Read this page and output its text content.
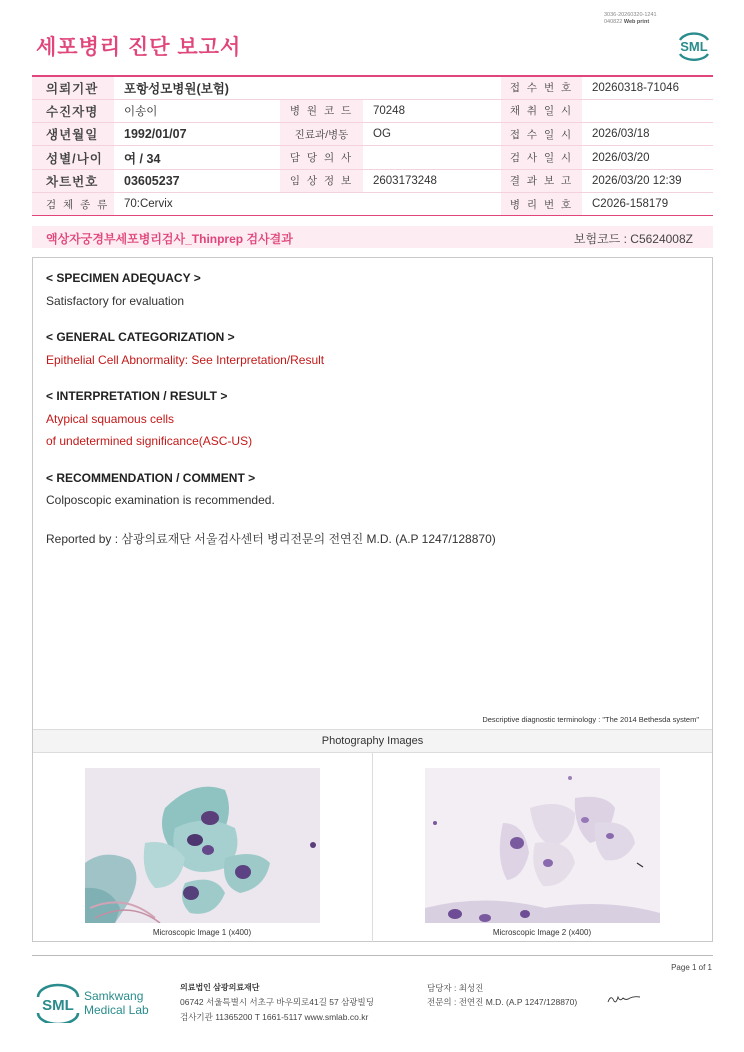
3036-20260320-1241
040822 Web print
세포병리 진단 보고서	SML
의뢰기관	포항성모병원(보험)			접 수 번 호	20260318-71046
수진자명	이송이	병 원 코 드	70248	채 취 일 시	
생년월일	1992/01/07	진료과/병동	OG	접 수 일 시	2026/03/18
성별/나이	여 / 34	담 당 의 사		검 사 일 시	2026/03/20
차트번호	03605237	임 상 정 보	2603173248	결 과 보 고	2026/03/20 12:39
검 체 종 류	70:Cervix			병 리 번 호	C2026-158179
액상자궁경부세포병리검사_Thinprep 검사결과	보험코드 : C5624008Z
< SPECIMEN ADEQUACY >
Satisfactory for evaluation
< GENERAL CATEGORIZATION >
Epithelial Cell Abnormality: See Interpretation/Result
< INTERPRETATION / RESULT >
Atypical squamous cells
of undetermined significance(ASC-US)
< RECOMMENDATION / COMMENT >
Colposcopic examination is recommended.
Reported by : 삼광의료재단 서울검사센터 병리전문의 전연진 M.D. (A.P 1247/128870)
Descriptive diagnostic terminology : "The 2014 Bethesda system"
Photography Images
Microscopic Image 1 (x400)	Microscopic Image 2 (x400)
Page 1 of 1
SML
Samkwang
Medical Lab
의료법인 삼광의료재단
06742 서울특별시 서초구 바우뫼로41길 57 삼광빌딩
검사기관 11365200 T 1661-5117 www.smlab.co.kr
담당자 : 최성진
전문의 : 전연진 M.D. (A.P 1247/128870)
